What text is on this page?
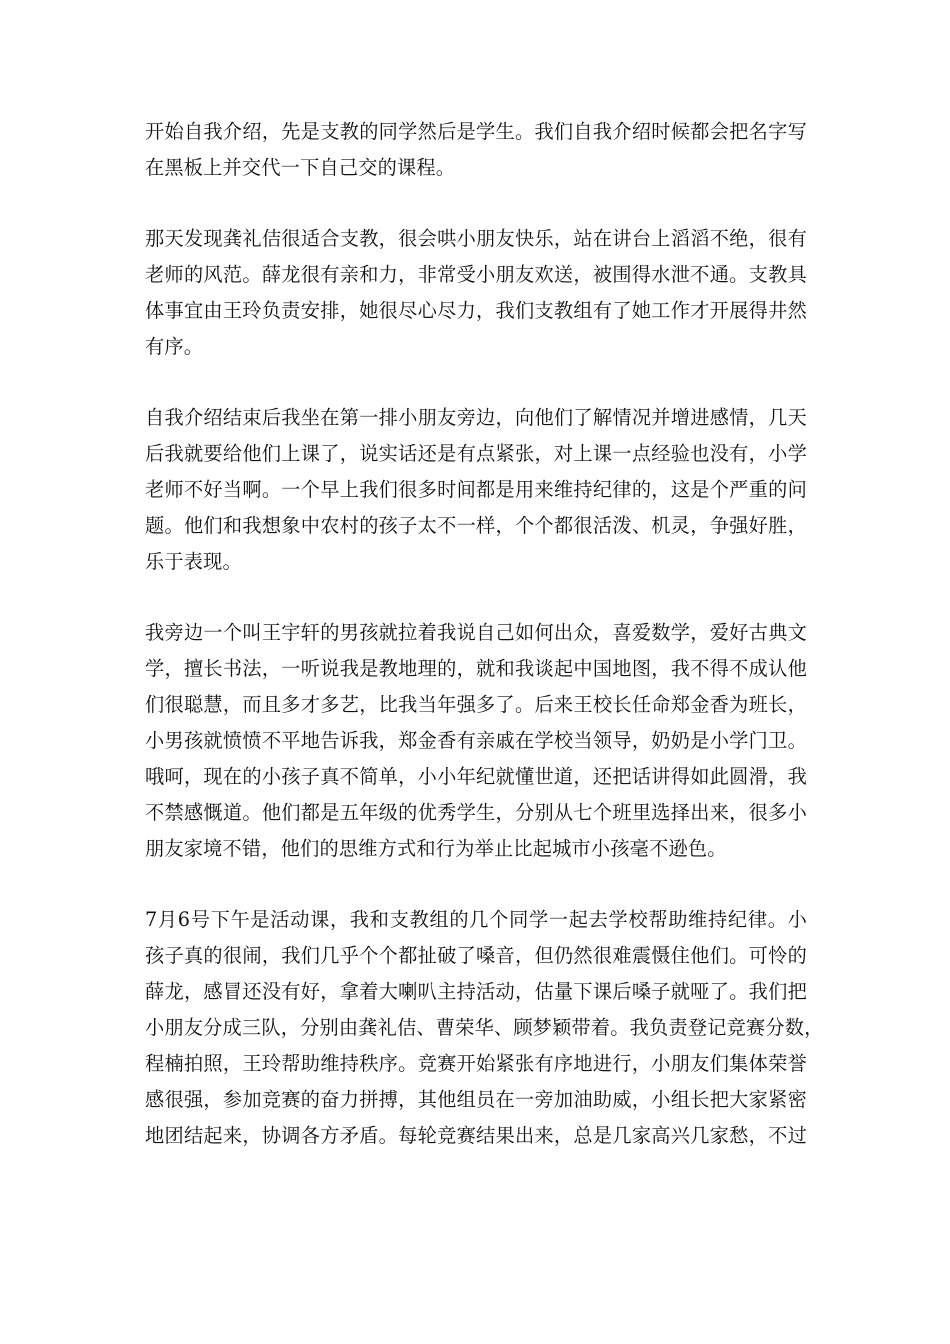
开始自我介绍，先是支教的同学然后是学生。我们自我介绍时候都会把名字写
在黑板上并交代一下自己交的课程。

那天发现龚礼佶很适合支教，很会哄小朋友快乐，站在讲台上滔滔不绝，很有
老师的风范。薛龙很有亲和力，非常受小朋友欢送，被围得水泄不通。支教具
体事宜由王玲负责安排，她很尽心尽力，我们支教组有了她工作才开展得井然
有序。

自我介绍结束后我坐在第一排小朋友旁边，向他们了解情况并增进感情，几天
后我就要给他们上课了，说实话还是有点紧张，对上课一点经验也没有，小学
老师不好当啊。一个早上我们很多时间都是用来维持纪律的，这是个严重的问
题。他们和我想象中农村的孩子太不一样，个个都很活泼、机灵，争强好胜，
乐于表现。

我旁边一个叫王宇轩的男孩就拉着我说自己如何出众，喜爱数学，爱好古典文
学，擅长书法，一听说我是教地理的，就和我谈起中国地图，我不得不成认他
们很聪慧，而且多才多艺，比我当年强多了。后来王校长任命郑金香为班长，
小男孩就愤愤不平地告诉我，郑金香有亲戚在学校当领导，奶奶是小学门卫。
哦呵，现在的小孩子真不简单，小小年纪就懂世道，还把话讲得如此圆滑，我
不禁感慨道。他们都是五年级的优秀学生，分别从七个班里选择出来，很多小
朋友家境不错，他们的思维方式和行为举止比起城市小孩毫不逊色。

7月6号下午是活动课，我和支教组的几个同学一起去学校帮助维持纪律。小
孩子真的很闹，我们几乎个个都扯破了嗓音，但仍然很难震慑住他们。可怜的
薛龙，感冒还没有好，拿着大喇叭主持活动，估量下课后嗓子就哑了。我们把
小朋友分成三队，分别由龚礼佶、曹荣华、顾梦颖带着。我负责登记竞赛分数，
程楠拍照，王玲帮助维持秩序。竞赛开始紧张有序地进行，小朋友们集体荣誉
感很强，参加竞赛的奋力拼搏，其他组员在一旁加油助威，小组长把大家紧密
地团结起来，协调各方矛盾。每轮竞赛结果出来，总是几家高兴几家愁，不过
